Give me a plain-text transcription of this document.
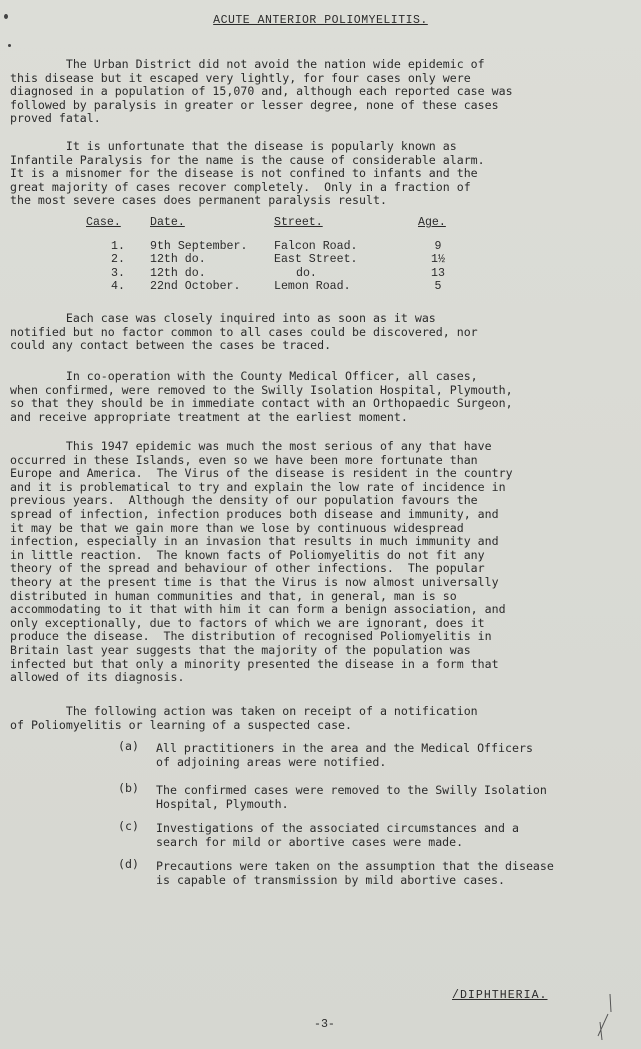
ACUTE ANTERIOR POLIOMYELITIS.
The Urban District did not avoid the nation wide epidemic of
this disease but it escaped very lightly, for four cases only were
diagnosed in a population of 15,070 and, although each reported case was
followed by paralysis in greater or lesser degree, none of these cases
proved fatal.
It is unfortunate that the disease is popularly known as
Infantile Paralysis for the name is the cause of considerable alarm.
It is a misnomer for the disease is not confined to infants and the
great majority of cases recover completely.  Only in a fraction of
the most severe cases does permanent paralysis result.
Case.	Date.	Street.	Age.
1.	9th September.	Falcon Road.	9
2.	12th do.	East Street.	1½
3.	12th do.	do.	13
4.	22nd October.	Lemon Road.	5
Each case was closely inquired into as soon as it was
notified but no factor common to all cases could be discovered, nor
could any contact between the cases be traced.
In co-operation with the County Medical Officer, all cases,
when confirmed, were removed to the Swilly Isolation Hospital, Plymouth,
so that they should be in immediate contact with an Orthopaedic Surgeon,
and receive appropriate treatment at the earliest moment.
This 1947 epidemic was much the most serious of any that have
occurred in these Islands, even so we have been more fortunate than
Europe and America.  The Virus of the disease is resident in the country
and it is problematical to try and explain the low rate of incidence in
previous years.  Although the density of our population favours the
spread of infection, infection produces both disease and immunity, and
it may be that we gain more than we lose by continuous widespread
infection, especially in an invasion that results in much immunity and
in little reaction.  The known facts of Poliomyelitis do not fit any
theory of the spread and behaviour of other infections.  The popular
theory at the present time is that the Virus is now almost universally
distributed in human communities and that, in general, man is so
accommodating to it that with him it can form a benign association, and
only exceptionally, due to factors of which we are ignorant, does it
produce the disease.  The distribution of recognised Poliomyelitis in
Britain last year suggests that the majority of the population was
infected but that only a minority presented the disease in a form that
allowed of its diagnosis.
The following action was taken on receipt of a notification
of Poliomyelitis or learning of a suspected case.
(a)	All practitioners in the area and the Medical Officers
of adjoining areas were notified.
(b)	The confirmed cases were removed to the Swilly Isolation
Hospital, Plymouth.
(c)	Investigations of the associated circumstances and a
search for mild or abortive cases were made.
(d)	Precautions were taken on the assumption that the disease
is capable of transmission by mild abortive cases.
/DIPHTHERIA.
-3-
